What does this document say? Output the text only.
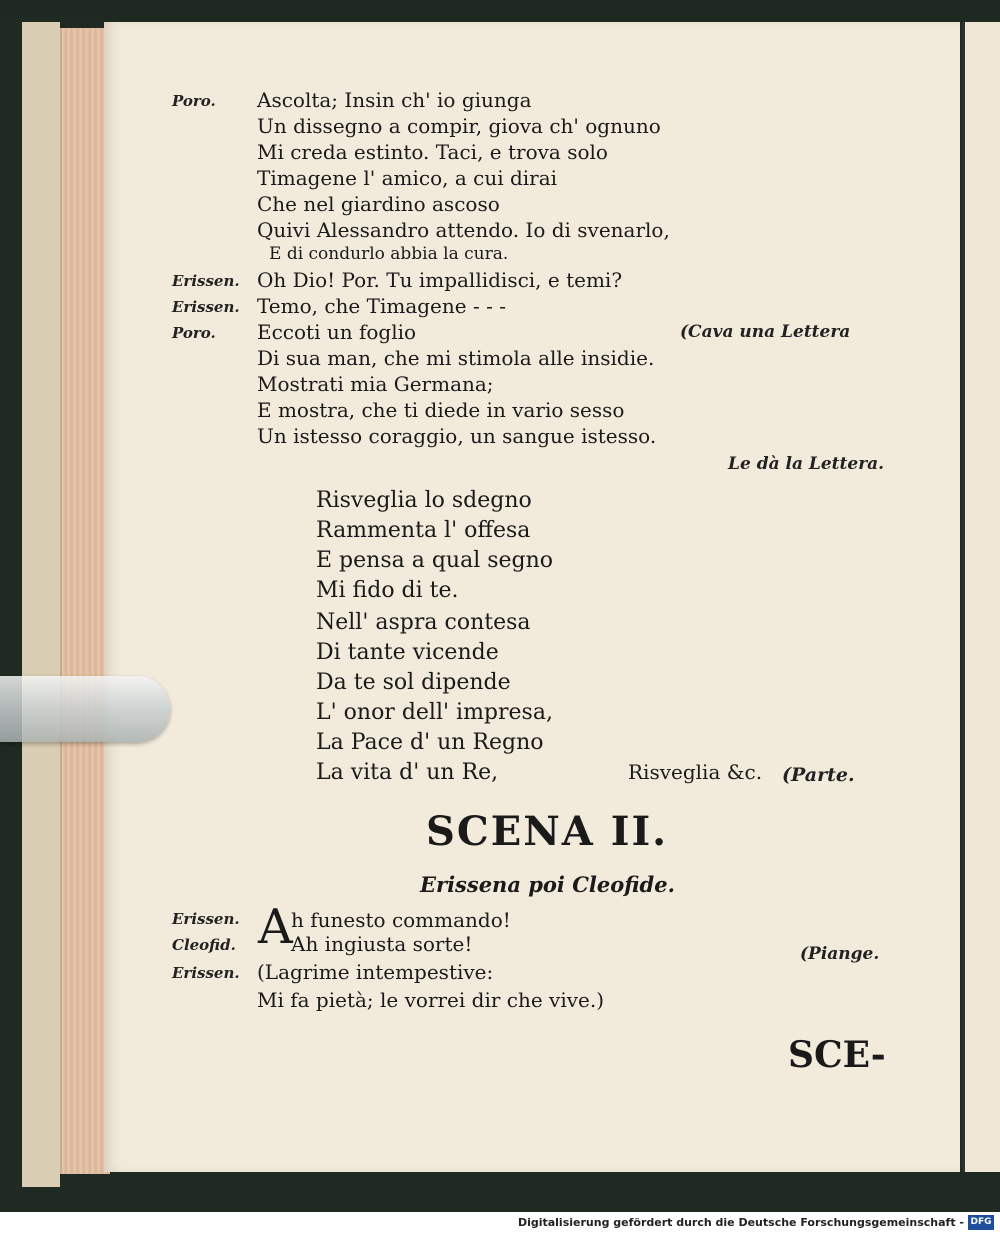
Poro. Ascolta; Insin ch' io giunga
Un dissegno a compir, giova ch' ognuno
Mi creda estinto. Taci, e trova solo
Timagene l' amico, a cui dirai
Che nel giardino ascoso
Quivi Alessandro attendo. Io di svenarlo,
E di condurlo abbia la cura.
Erissen. Oh Dio! Por. Tu impallidisci, e temi?
Erissen. Temo, che Timagene - - -
Poro. Eccoti un foglio	(Cava una Lettera
Di sua man, che mi stimola alle insidie.
Mostrati mia Germana;
E mostra, che ti diede in vario sesso
Un istesso coraggio, un sangue istesso.
Le dà la Lettera.
Risveglia lo sdegno
Rammenta l' offesa
E pensa a qual segno
Mi fido di te.
Nell' aspra contesa
Di tante vicende
Da te sol dipende
L' onor dell' impresa,
La Pace d' un Regno
La vita d' un Re,	Risveglia &c. (Parte.
SCENA II.
Erissena poi Cleofide.
Erissen. A
h funesto commando!
Cleofid.	Ah ingiusta sorte!	(Piange.
Erissen. (Lagrime intempestive:
Mi fa pietà; le vorrei dir che vive.)
SCE-
Digitalisierung gefördert durch die Deutsche Forschungsgemeinschaft - DFG
